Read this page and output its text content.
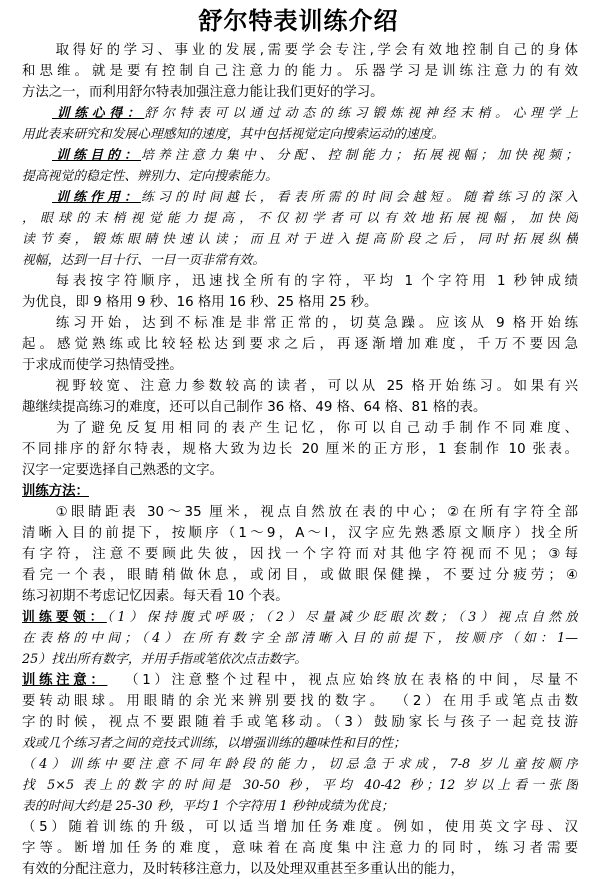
舒尔特表训练介绍
取得好的学习、事业的发展,需要学会专注,学会有效地控制自己的身体
和思维。就是要有控制自己注意力的能力。乐器学习是训练注意力的有效
方法之一，而利用舒尔特表加强注意力能让我们更好的学习。
训练心得：舒尔特表可以通过动态的练习锻炼视神经末梢。心理学上
用此表来研究和发展心理感知的速度，其中包括视觉定向搜索运动的速度。
训练目的：培养注意力集中、分配、控制能力；拓展视幅；加快视频；
提高视觉的稳定性、辨别力、定向搜索能力。
训练作用：练习的时间越长，看表所需的时间会越短。随着练习的深入
，眼球的末梢视觉能力提高，不仅初学者可以有效地拓展视幅，加快阅
读节奏，锻炼眼睛快速认读；而且对于进入提高阶段之后，同时拓展纵横
视幅，达到一目十行、一目一页非常有效。
每表按字符顺序，迅速找全所有的字符，平均 1 个字符用 1 秒钟成绩
为优良，即 9 格用 9 秒、16 格用 16 秒、25 格用 25 秒。
练习开始，达到不标准是非常正常的，切莫急躁。应该从 9 格开始练
起。感觉熟练或比较轻松达到要求之后，再逐渐增加难度，千万不要因急
于求成而使学习热情受挫。
视野较宽、注意力参数较高的读者，可以从 25 格开始练习。如果有兴
趣继续提高练习的难度，还可以自己制作 36 格、49 格、64 格、81 格的表。
为了避免反复用相同的表产生记忆，你可以自己动手制作不同难度、
不同排序的舒尔特表，规格大致为边长 20 厘米的正方形，1 套制作 10 张表。
汉字一定要选择自己熟悉的文字。
训练方法：
①眼睛距表 30～35 厘米，视点自然放在表的中心；②在所有字符全部
清晰入目的前提下，按顺序（1～9，A～I，汉字应先熟悉原文顺序）找全所
有字符，注意不要顾此失彼，因找一个字符而对其他字符视而不见；③每
看完一个表，眼睛稍做休息，或闭目，或做眼保健操，不要过分疲劳；④
练习初期不考虑记忆因素。每天看 10 个表。
训练要领：（1）保持腹式呼吸；（2）尽量减少眨眼次数；（3）视点自然放
在表格的中间；（4）在所有数字全部清晰入目的前提下，按顺序（如：1—
25）找出所有数字，并用手指或笔依次点击数字。
训练注意： （1）注意整个过程中，视点应始终放在表格的中间，尽量不
要转动眼球。用眼睛的余光来辨别要找的数字。 （2）在用手或笔点击数
字的时候，视点不要跟随着手或笔移动。（3）鼓励家长与孩子一起竞技游
戏或几个练习者之间的竞技式训练，以增强训练的趣味性和目的性；
（4）训练中要注意不同年龄段的能力，切忌急于求成，7-8 岁儿童按顺序
找 5×5 表上的数字的时间是 30-50 秒，平均 40-42 秒；12 岁以上看一张图
表的时间大约是 25-30 秒，平均 1 个字符用 1 秒钟成绩为优良；
（5）随着训练的升级，可以适当增加任务难度。例如，使用英文字母、汉
字等。断增加任务的难度，意味着在高度集中注意力的同时，练习者需要
有效的分配注意力，及时转移注意力，以及处理双重甚至多重认出的能力，
